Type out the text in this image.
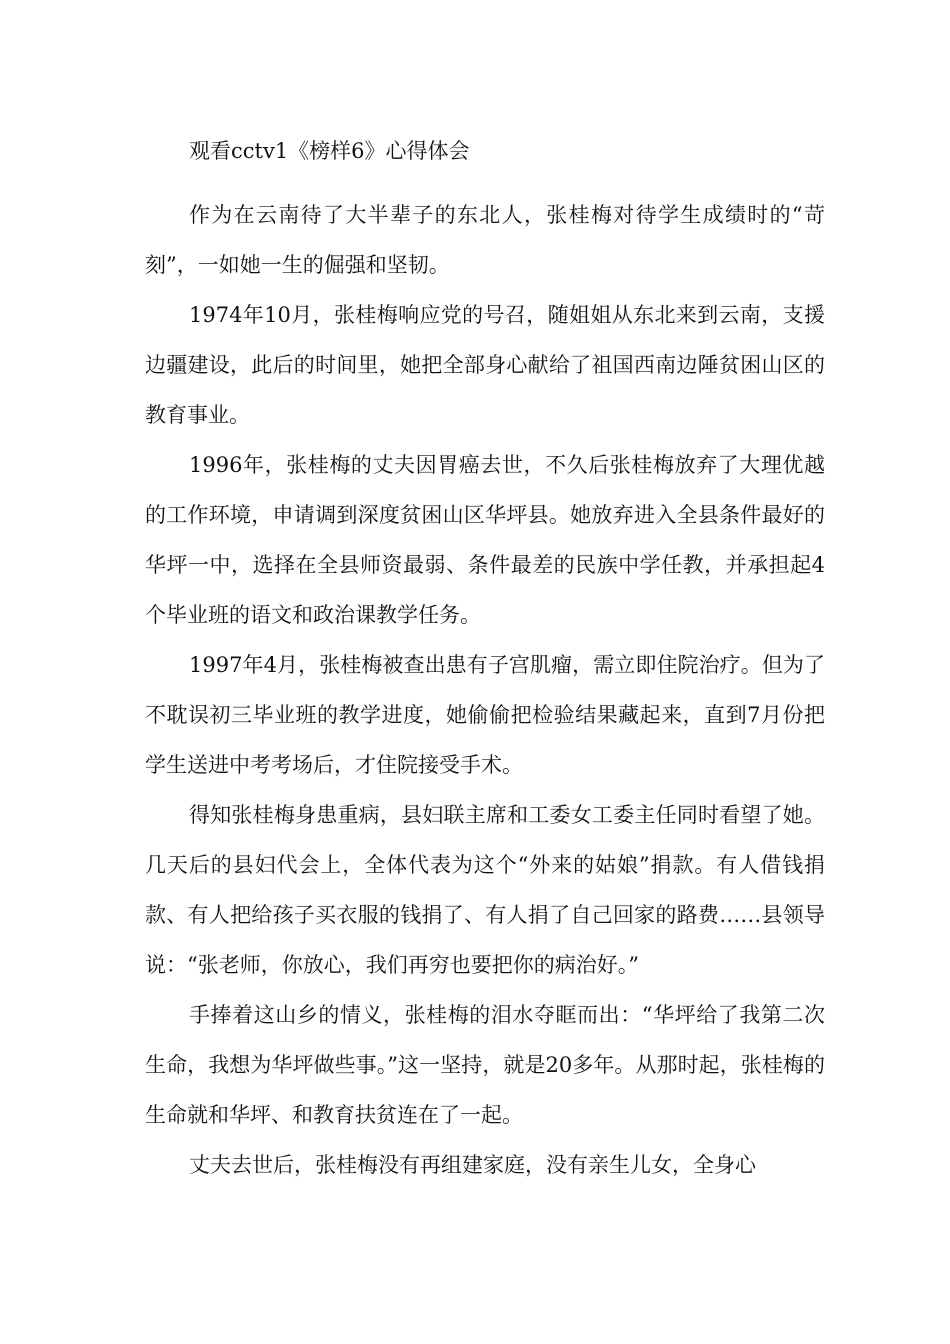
观看cctv1《榜样6》心得体会

作为在云南待了大半辈子的东北人，张桂梅对待学生成绩时的“苛刻”，一如她一生的倔强和坚韧。

1974年10月，张桂梅响应党的号召，随姐姐从东北来到云南，支援边疆建设，此后的时间里，她把全部身心献给了祖国西南边陲贫困山区的教育事业。

1996年，张桂梅的丈夫因胃癌去世，不久后张桂梅放弃了大理优越的工作环境，申请调到深度贫困山区华坪县。她放弃进入全县条件最好的华坪一中，选择在全县师资最弱、条件最差的民族中学任教，并承担起4个毕业班的语文和政治课教学任务。

1997年4月，张桂梅被查出患有子宫肌瘤，需立即住院治疗。但为了不耽误初三毕业班的教学进度，她偷偷把检验结果藏起来，直到7月份把学生送进中考考场后，才住院接受手术。

得知张桂梅身患重病，县妇联主席和工委女工委主任同时看望了她。几天后的县妇代会上，全体代表为这个“外来的姑娘”捐款。有人借钱捐款、有人把给孩子买衣服的钱捐了、有人捐了自己回家的路费……县领导说：“张老师，你放心，我们再穷也要把你的病治好。”

手捧着这山乡的情义，张桂梅的泪水夺眶而出：“华坪给了我第二次生命，我想为华坪做些事。”这一坚持，就是20多年。从那时起，张桂梅的生命就和华坪、和教育扶贫连在了一起。

丈夫去世后，张桂梅没有再组建家庭，没有亲生儿女，全身心
